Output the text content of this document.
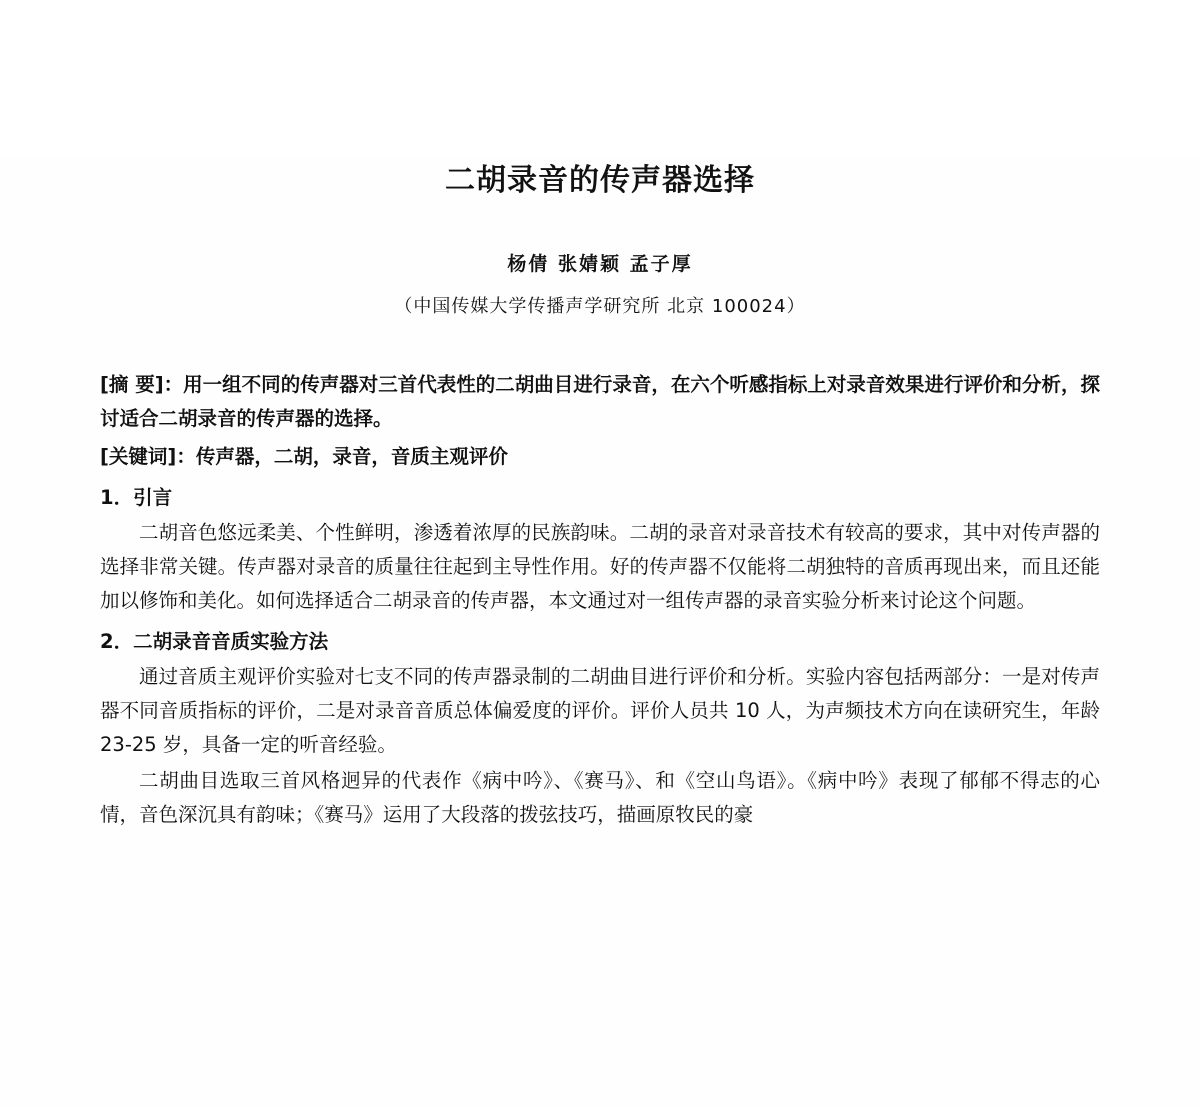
二胡录音的传声器选择
杨倩 张婧颖 孟子厚
（中国传媒大学传播声学研究所 北京 100024）
[摘 要]：用一组不同的传声器对三首代表性的二胡曲目进行录音，在六个听感指标上对录音效果进行评价和分析，探讨适合二胡录音的传声器的选择。
[关键词]：传声器，二胡，录音，音质主观评价
1．引言

二胡音色悠远柔美、个性鲜明，渗透着浓厚的民族韵味。二胡的录音对录音技术有较高的要求，其中对传声器的选择非常关键。传声器对录音的质量往往起到主导性作用。好的传声器不仅能将二胡独特的音质再现出来，而且还能加以修饰和美化。如何选择适合二胡录音的传声器，本文通过对一组传声器的录音实验分析来讨论这个问题。

2．二胡录音音质实验方法

通过音质主观评价实验对七支不同的传声器录制的二胡曲目进行评价和分析。实验内容包括两部分：一是对传声器不同音质指标的评价，二是对录音音质总体偏爱度的评价。评价人员共 10 人，为声频技术方向在读研究生，年龄 23-25 岁，具备一定的听音经验。

二胡曲目选取三首风格迥异的代表作《病中吟》、《赛马》、和《空山鸟语》。《病中吟》表现了郁郁不得志的心情，音色深沉具有韵味；《赛马》运用了大段落的拨弦技巧，描画原牧民的豪
